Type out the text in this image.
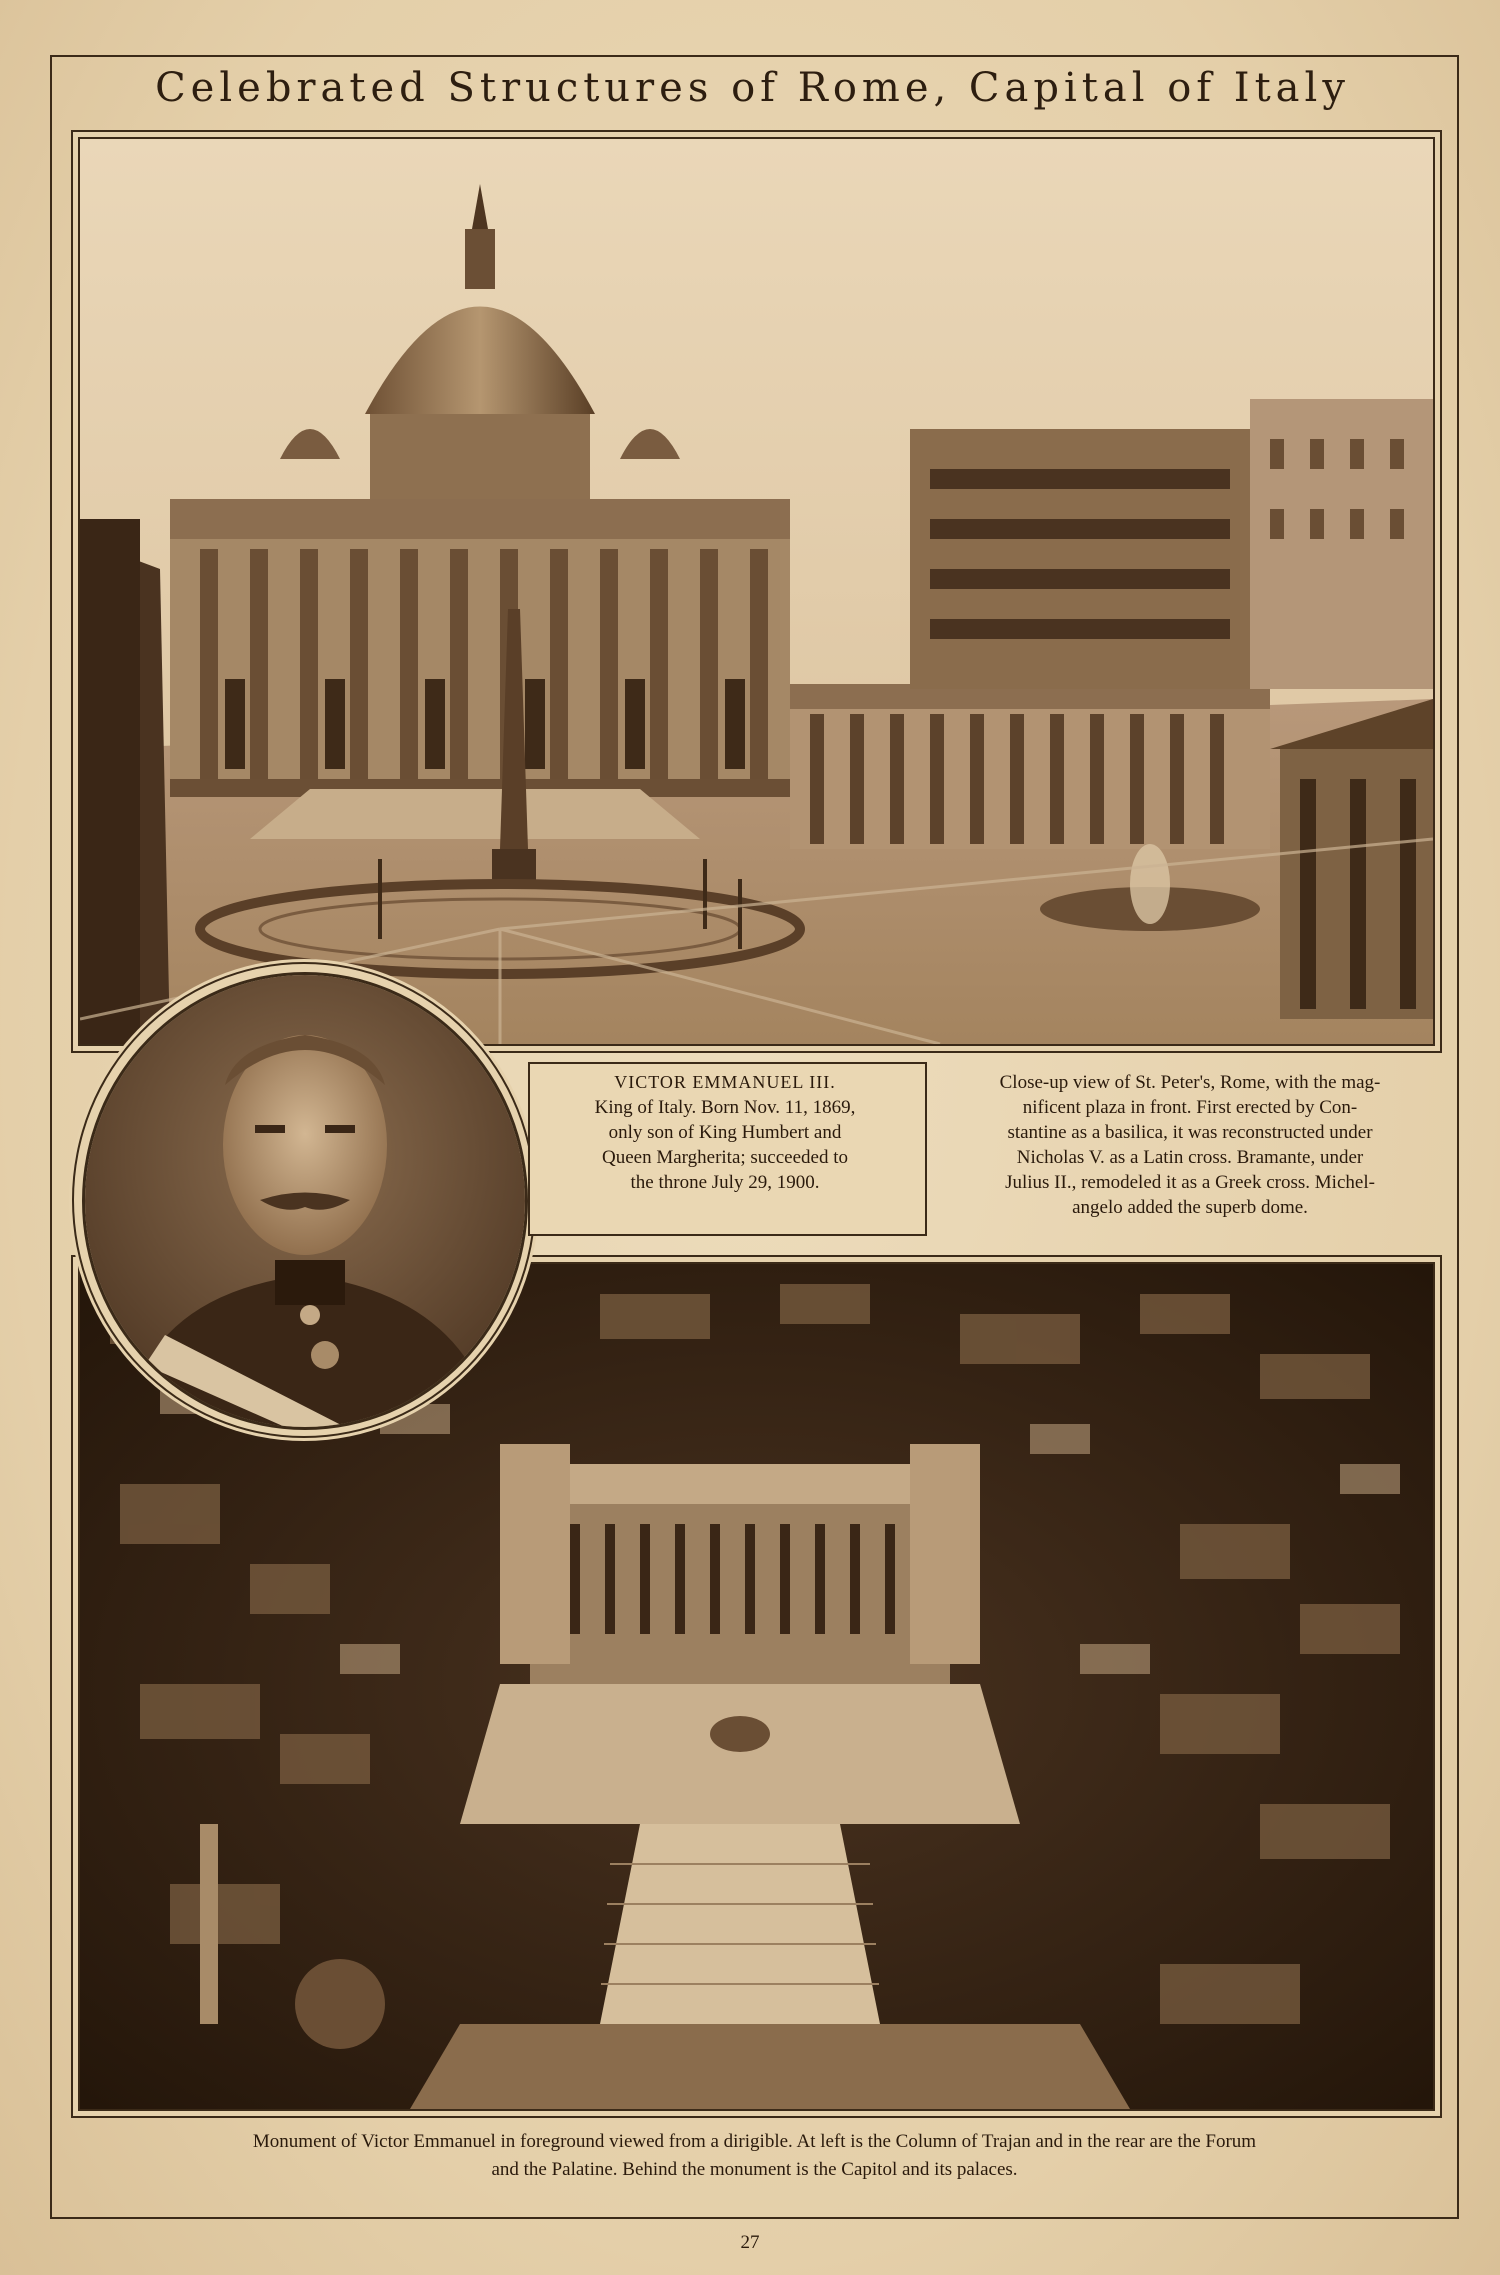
Celebrated Structures of Rome, Capital of Italy
VICTOR EMMANUEL III.
King of Italy. Born Nov. 11, 1869,
only son of King Humbert and
Queen Margherita; succeeded to
the throne July 29, 1900.
Close-up view of St. Peter's, Rome, with the mag-
nificent plaza in front. First erected by Con-
stantine as a basilica, it was reconstructed under
Nicholas V. as a Latin cross. Bramante, under
Julius II., remodeled it as a Greek cross. Michel-
angelo added the superb dome.
Monument of Victor Emmanuel in foreground viewed from a dirigible. At left is the Column of Trajan and in the rear are the Forum
and the Palatine. Behind the monument is the Capitol and its palaces.
27
